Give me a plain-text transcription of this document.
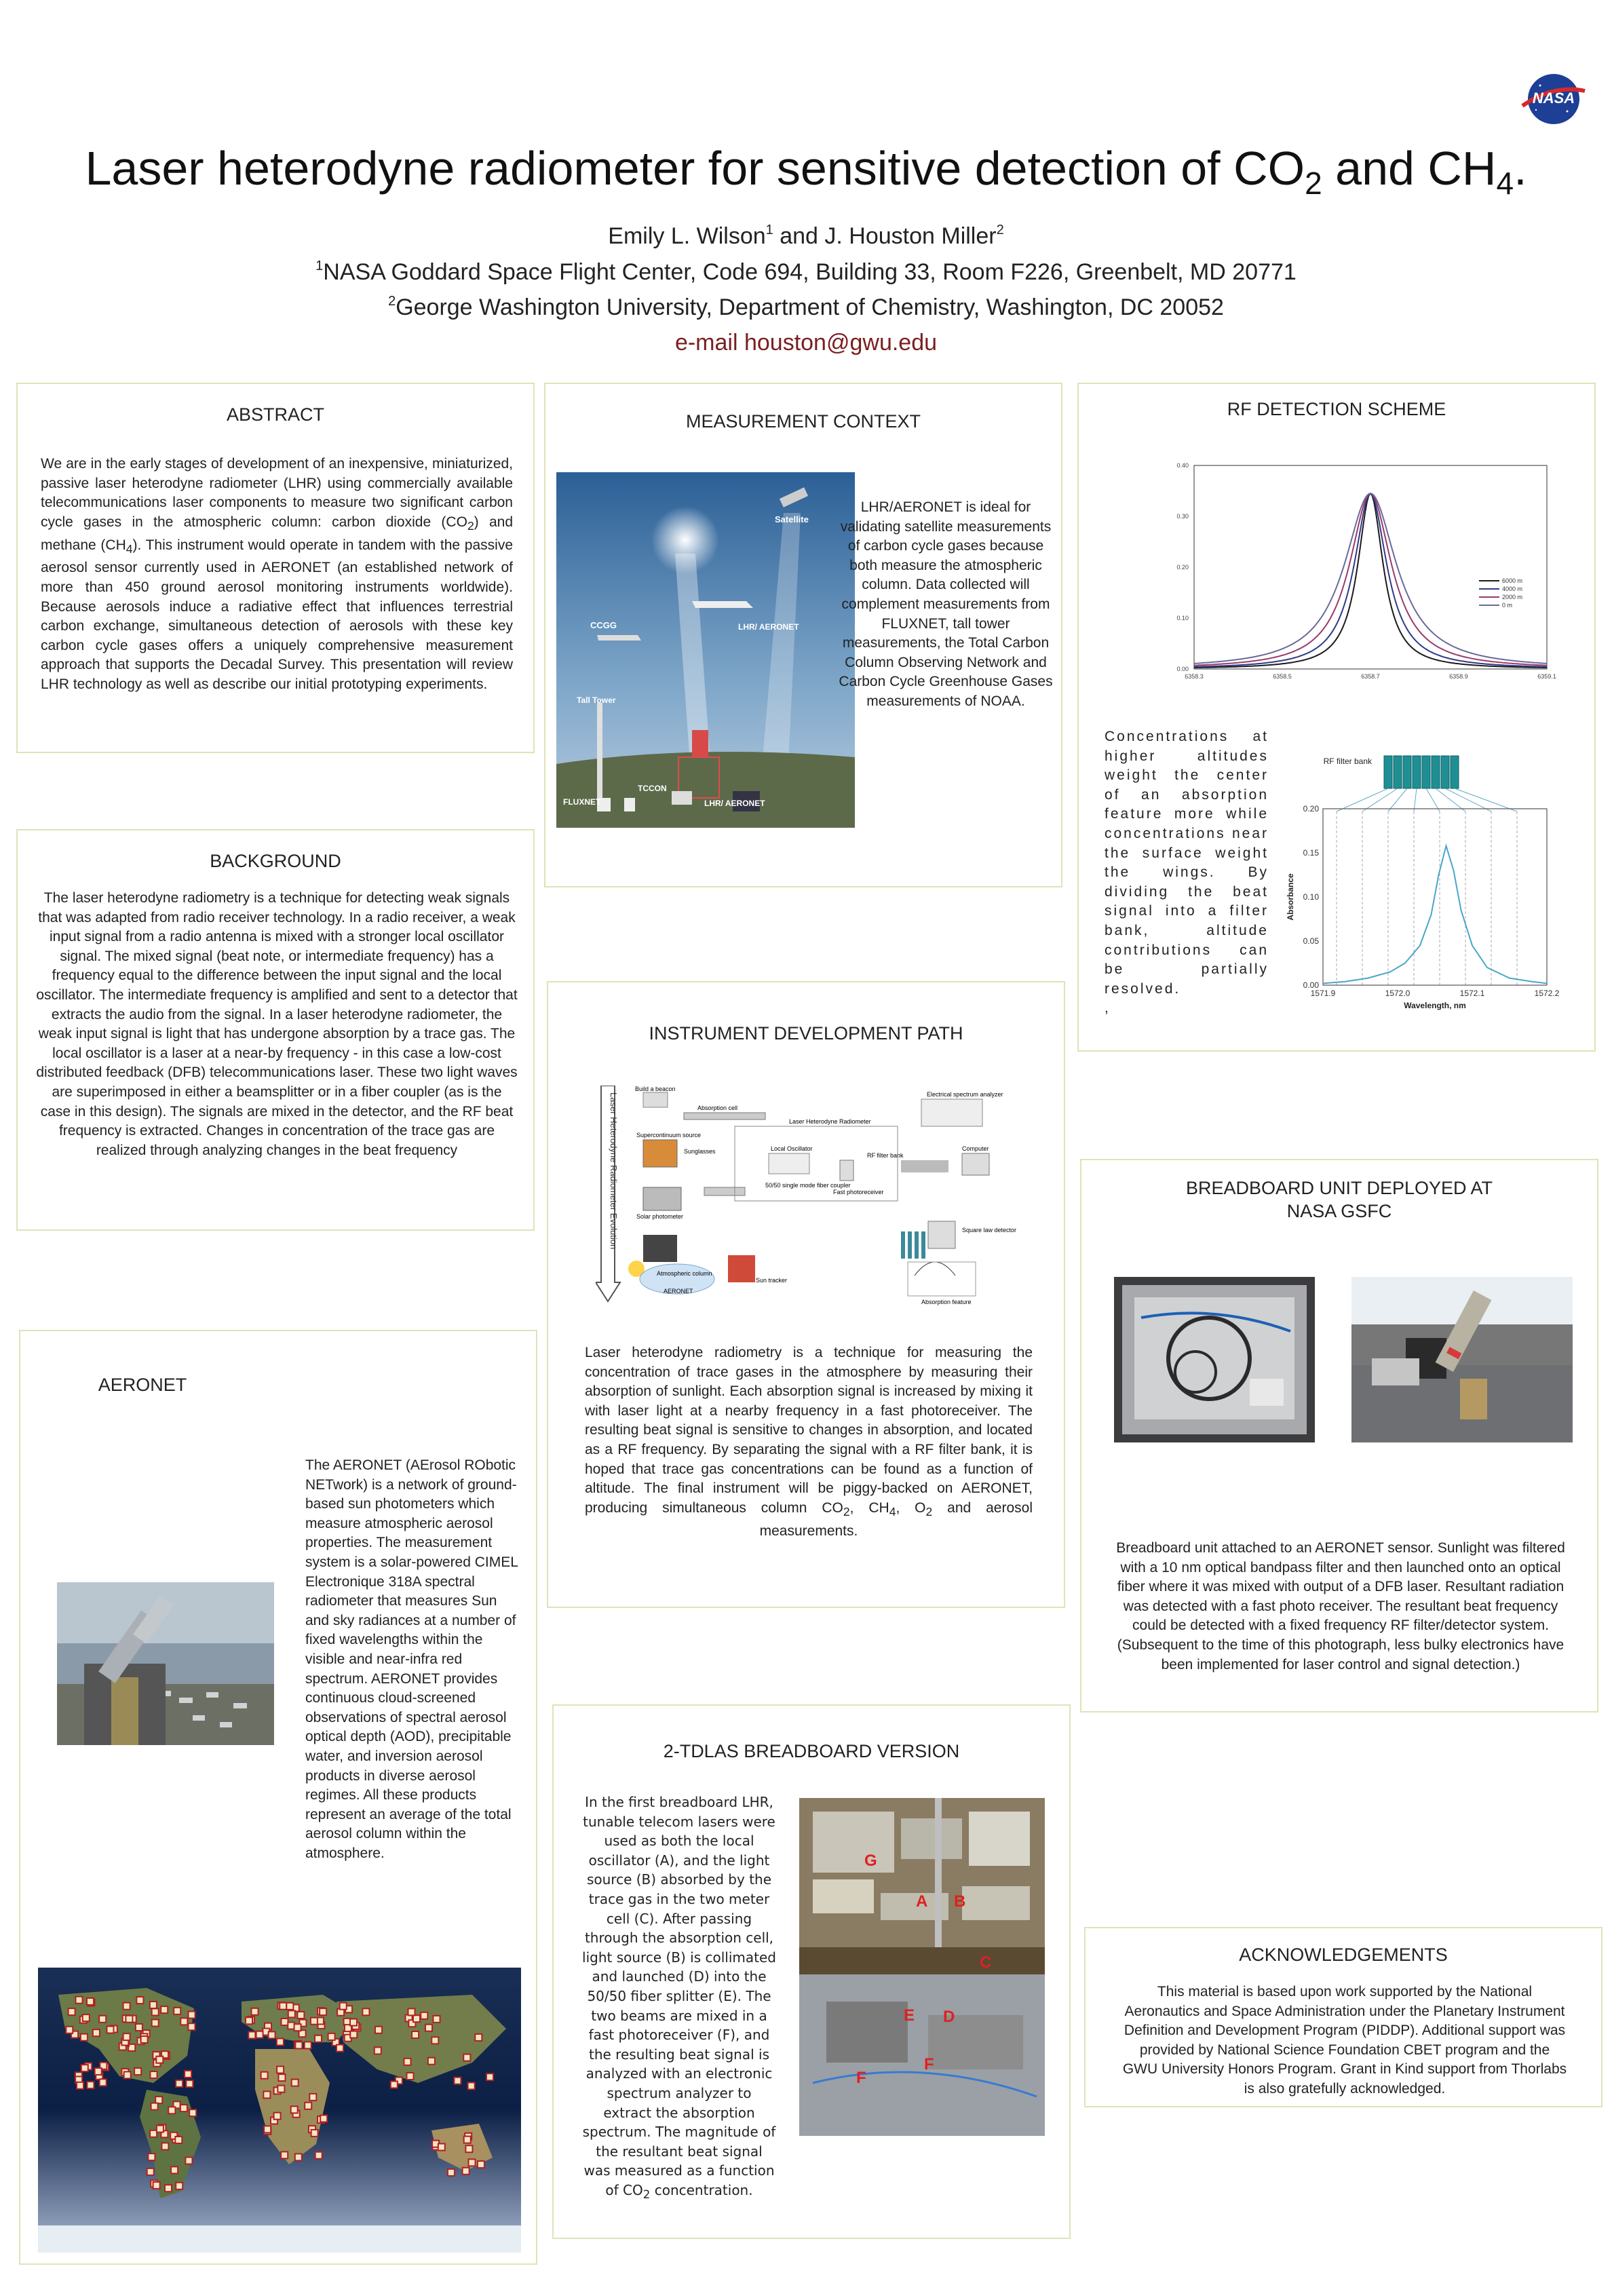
NASA
Laser heterodyne radiometer for sensitive detection of $CO_2$ and $CH_4$.
Emily L. Wilson$^1$ and J. Houston Miller$^2$
$^1$NASA Goddard Space Flight Center, Code 694, Building 33, Room F226, Greenbelt, MD 20771
$^2$George Washington University, Department of Chemistry, Washington, DC 20052
e-mail houston@gwu.edu
ABSTRACT
We are in the early stages of development of an inexpensive, miniaturized, passive laser heterodyne radiometer (LHR) using commercially available telecommunications laser components to measure two significant carbon cycle gases in the atmospheric column: carbon dioxide $(CO_2)$ and methane $(CH_4)$. This instrument would operate in tandem with the passive aerosol sensor currently used in AERONET (an established network of more than 450 ground aerosol monitoring instruments worldwide). Because aerosols induce a radiative effect that influences terrestrial carbon exchange, simultaneous detection of aerosols with these key carbon cycle gases offers a uniquely comprehensive measurement approach that supports the Decadal Survey. This presentation will review LHR technology as well as describe our initial prototyping experiments.
BACKGROUND
The laser heterodyne radiometry is a technique for detecting weak signals that was adapted from radio receiver technology. In a radio receiver, a weak input signal from a radio antenna is mixed with a stronger local oscillator signal. The mixed signal (beat note, or intermediate frequency) has a frequency equal to the difference between the input signal and the local oscillator. The intermediate frequency is amplified and sent to a detector that extracts the audio from the signal. In a laser heterodyne radiometer, the weak input signal is light that has undergone absorption by a trace gas. The local oscillator is a laser at a near-by frequency - in this case a low-cost distributed feedback (DFB) telecommunications laser. These two light waves are superimposed in either a beamsplitter or in a fiber coupler (as is the case in this design). The signals are mixed in the detector, and the RF beat frequency is extracted. Changes in concentration of the trace gas are realized through analyzing changes in the beat frequency
AERONET
The AERONET (AErosol RObotic NETwork) is a network of ground-based sun photometers which measure atmospheric aerosol properties. The measurement system is a solar-powered CIMEL Electronique 318A spectral radiometer that measures Sun and sky radiances at a number of fixed wavelengths within the visible and near-infra red spectrum. AERONET provides continuous cloud-screened observations of spectral aerosol optical depth (AOD), precipitable water, and inversion aerosol products in diverse aerosol regimes. All these products represent an average of the total aerosol column within the atmosphere.
MEASUREMENT CONTEXT
Satellite
CCGG	LHR/ AERONET
Tall Tower
TCCON
FLUXNET	LHR/ AERONET
LHR/AERONET is ideal for validating satellite measurements of carbon cycle gases because both measure the atmospheric column. Data collected will complement measurements from FLUXNET, tall tower measurements, the Total Carbon Column Observing Network and Carbon Cycle Greenhouse Gases measurements of NOAA.
INSTRUMENT DEVELOPMENT PATH
Laser Heterodyne Radiometer Evolution
Build a beacon
Absorption cell
Laser Heterodyne Radiometer
Electrical spectrum analyzer
Supercontinuum source
Sunglasses	Local Oscillator
RF filter bank
Computer
Solar photometer
50/50 single mode fiber coupler
Fast photoreceiver
Square law detector
Atmospheric column
AERONET
Sun tracker
Absorption feature
Laser heterodyne radiometry is a technique for measuring the concentration of trace gases in the atmosphere by measuring their absorption of sunlight. Each absorption signal is increased by mixing it with laser light at a nearby frequency in a fast photoreceiver. The resulting beat signal is sensitive to changes in absorption, and located as a RF frequency. By separating the signal with a RF filter bank, it is hoped that trace gas concentrations can be found as a function of altitude. The final instrument will be piggy-backed on AERONET, producing simultaneous column $CO_2$, $CH_4$, $O_2$ and aerosol measurements.
2-TDLAS BREADBOARD VERSION
In the first breadboard LHR, tunable telecom lasers were used as both the local oscillator (A), and the light source (B) absorbed by the trace gas in the two meter cell (C). After passing through the absorption cell, light source (B) is collimated and launched (D) into the 50/50 fiber splitter (E). The two beams are mixed in a fast photoreceiver (F), and the resulting beat signal is analyzed with an electronic spectrum analyzer to extract the absorption spectrum. The magnitude of the resultant beat signal was measured as a function of $CO_2$ concentration.
G
A B
C
E D
F
F
RF DETECTION SCHEME
6358.3	6358.5	6358.7	6358.9	6359.1
0.00
0.10
0.20
0.30
0.40
6000 m
4000 m
2000 m
0 m
Concentrations at higher altitudes weight the center of an absorption feature more while concentrations near the surface weight the wings. By dividing the beat signal into a filter bank, altitude contributions can be partially resolved.
,
RF filter bank
1571.9	1572.0	1572.1	1572.2
0.00
0.05
0.10
0.15
0.20
Wavelength, nm
Absorbance
BREADBOARD UNIT DEPLOYED AT NASA GSFC
Breadboard unit attached to an AERONET sensor. Sunlight was filtered with a 10 nm optical bandpass filter and then launched onto an optical fiber where it was mixed with output of a DFB laser. Resultant radiation was detected with a fast photo receiver. The resultant beat frequency could be detected with a fixed frequency RF filter/detector system. (Subsequent to the time of this photograph, less bulky electronics have been implemented for laser control and signal detection.)
ACKNOWLEDGEMENTS
This material is based upon work supported by the National Aeronautics and Space Administration under the Planetary Instrument Definition and Development Program (PIDDP). Additional support was provided by National Science Foundation CBET program and the GWU University Honors Program. Grant in Kind support from Thorlabs is also gratefully acknowledged.
